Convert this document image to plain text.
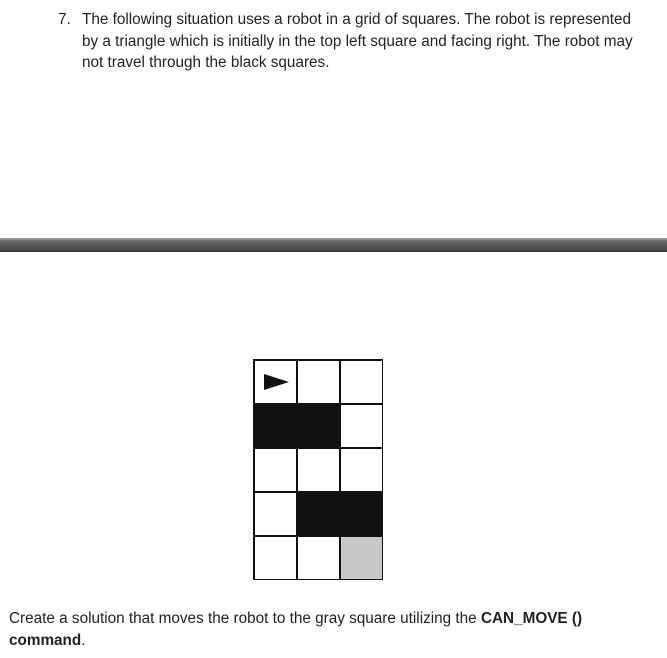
7. The following situation uses a robot in a grid of squares. The robot is represented by a triangle which is initially in the top left square and facing right. The robot may not travel through the black squares.
Create a solution that moves the robot to the gray square utilizing the CAN_MOVE ()
command.
